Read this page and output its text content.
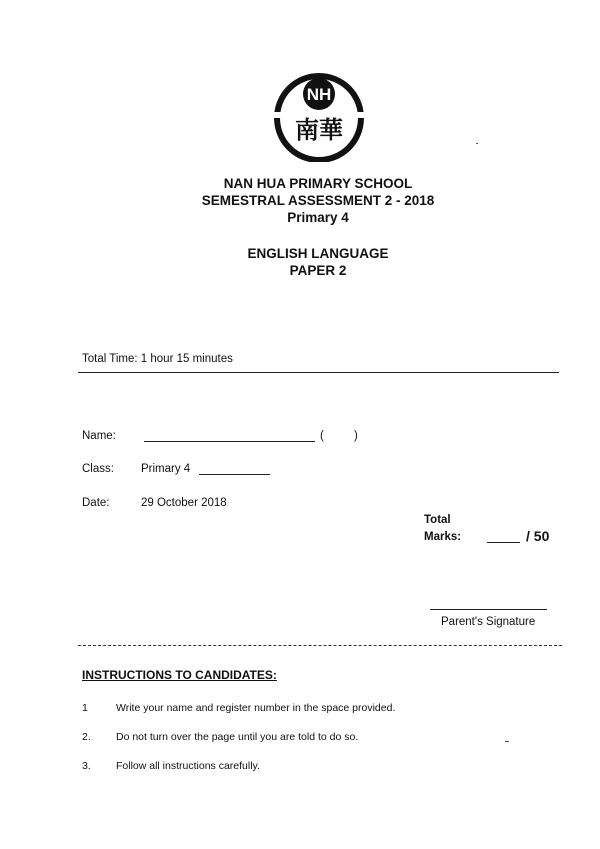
NH
南華
NAN HUA PRIMARY SCHOOL
SEMESTRAL ASSESSMENT 2 - 2018
Primary 4
ENGLISH LANGUAGE
PAPER 2
Total Time: 1 hour 15 minutes
Name:	(	)
Class: Primary 4
Date:	29 October 2018
Total
Marks:	/ 50
Parent's Signature
INSTRUCTIONS TO CANDIDATES:
1	Write your name and register number in the space provided.
2. Do not turn over the page until you are told to do so.
3. Follow all instructions carefully.
